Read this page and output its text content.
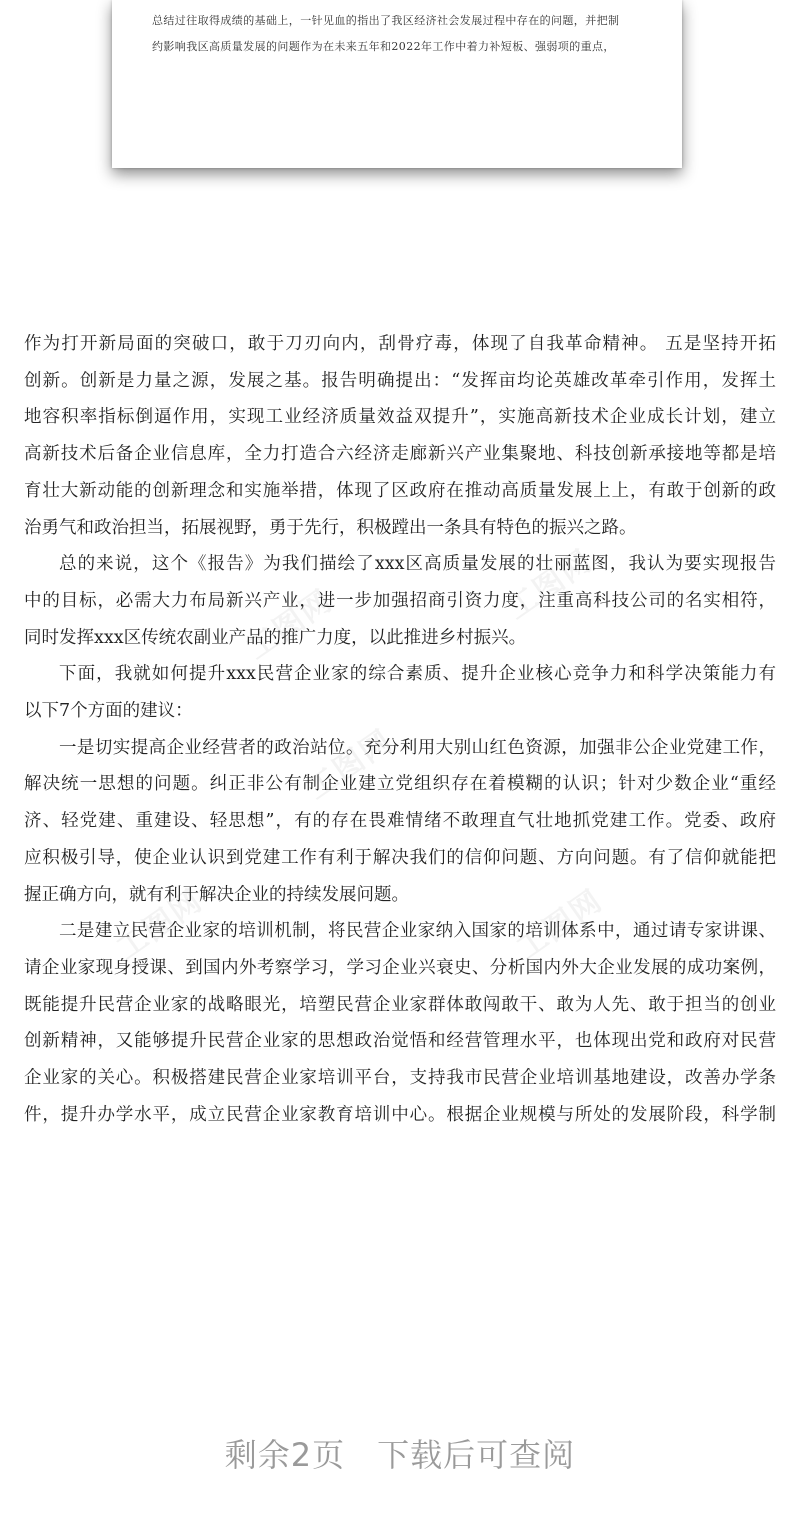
总结过往取得成绩的基础上，一针见血的指出了我区经济社会发展过程中存在的问题，并把制
约影响我区高质量发展的问题作为在未来五年和2022年工作中着力补短板、强弱项的重点，
工图网	工图网
工图网
工图网
工图网
作为打开新局面的突破口，敢于刀刃向内，刮骨疗毒，体现了自我革命精神。 五是坚持开拓
创新。创新是力量之源，发展之基。报告明确提出：“发挥亩均论英雄改革牵引作用，发挥土
地容积率指标倒逼作用，实现工业经济质量效益双提升”，实施高新技术企业成长计划，建立
高新技术后备企业信息库，全力打造合六经济走廊新兴产业集聚地、科技创新承接地等都是培
育壮大新动能的创新理念和实施举措，体现了区政府在推动高质量发展上上，有敢于创新的政
治勇气和政治担当，拓展视野，勇于先行，积极蹚出一条具有特色的振兴之路。
总的来说，这个《报告》为我们描绘了xxx区高质量发展的壮丽蓝图，我认为要实现报告
中的目标，必需大力布局新兴产业，进一步加强招商引资力度，注重高科技公司的名实相符，
同时发挥xxx区传统农副业产品的推广力度，以此推进乡村振兴。
下面，我就如何提升xxx民营企业家的综合素质、提升企业核心竞争力和科学决策能力有
以下7个方面的建议：
一是切实提高企业经营者的政治站位。充分利用大别山红色资源，加强非公企业党建工作，
解决统一思想的问题。纠正非公有制企业建立党组织存在着模糊的认识；针对少数企业“重经
济、轻党建、重建设、轻思想”，有的存在畏难情绪不敢理直气壮地抓党建工作。党委、政府
应积极引导，使企业认识到党建工作有利于解决我们的信仰问题、方向问题。有了信仰就能把
握正确方向，就有利于解决企业的持续发展问题。
二是建立民营企业家的培训机制，将民营企业家纳入国家的培训体系中，通过请专家讲课、
请企业家现身授课、到国内外考察学习，学习企业兴衰史、分析国内外大企业发展的成功案例，
既能提升民营企业家的战略眼光，培塑民营企业家群体敢闯敢干、敢为人先、敢于担当的创业
创新精神，又能够提升民营企业家的思想政治觉悟和经营管理水平，也体现出党和政府对民营
企业家的关心。积极搭建民营企业家培训平台，支持我市民营企业培训基地建设，改善办学条
件，提升办学水平，成立民营企业家教育培训中心。根据企业规模与所处的发展阶段，科学制
剩余2页 下载后可查阅
